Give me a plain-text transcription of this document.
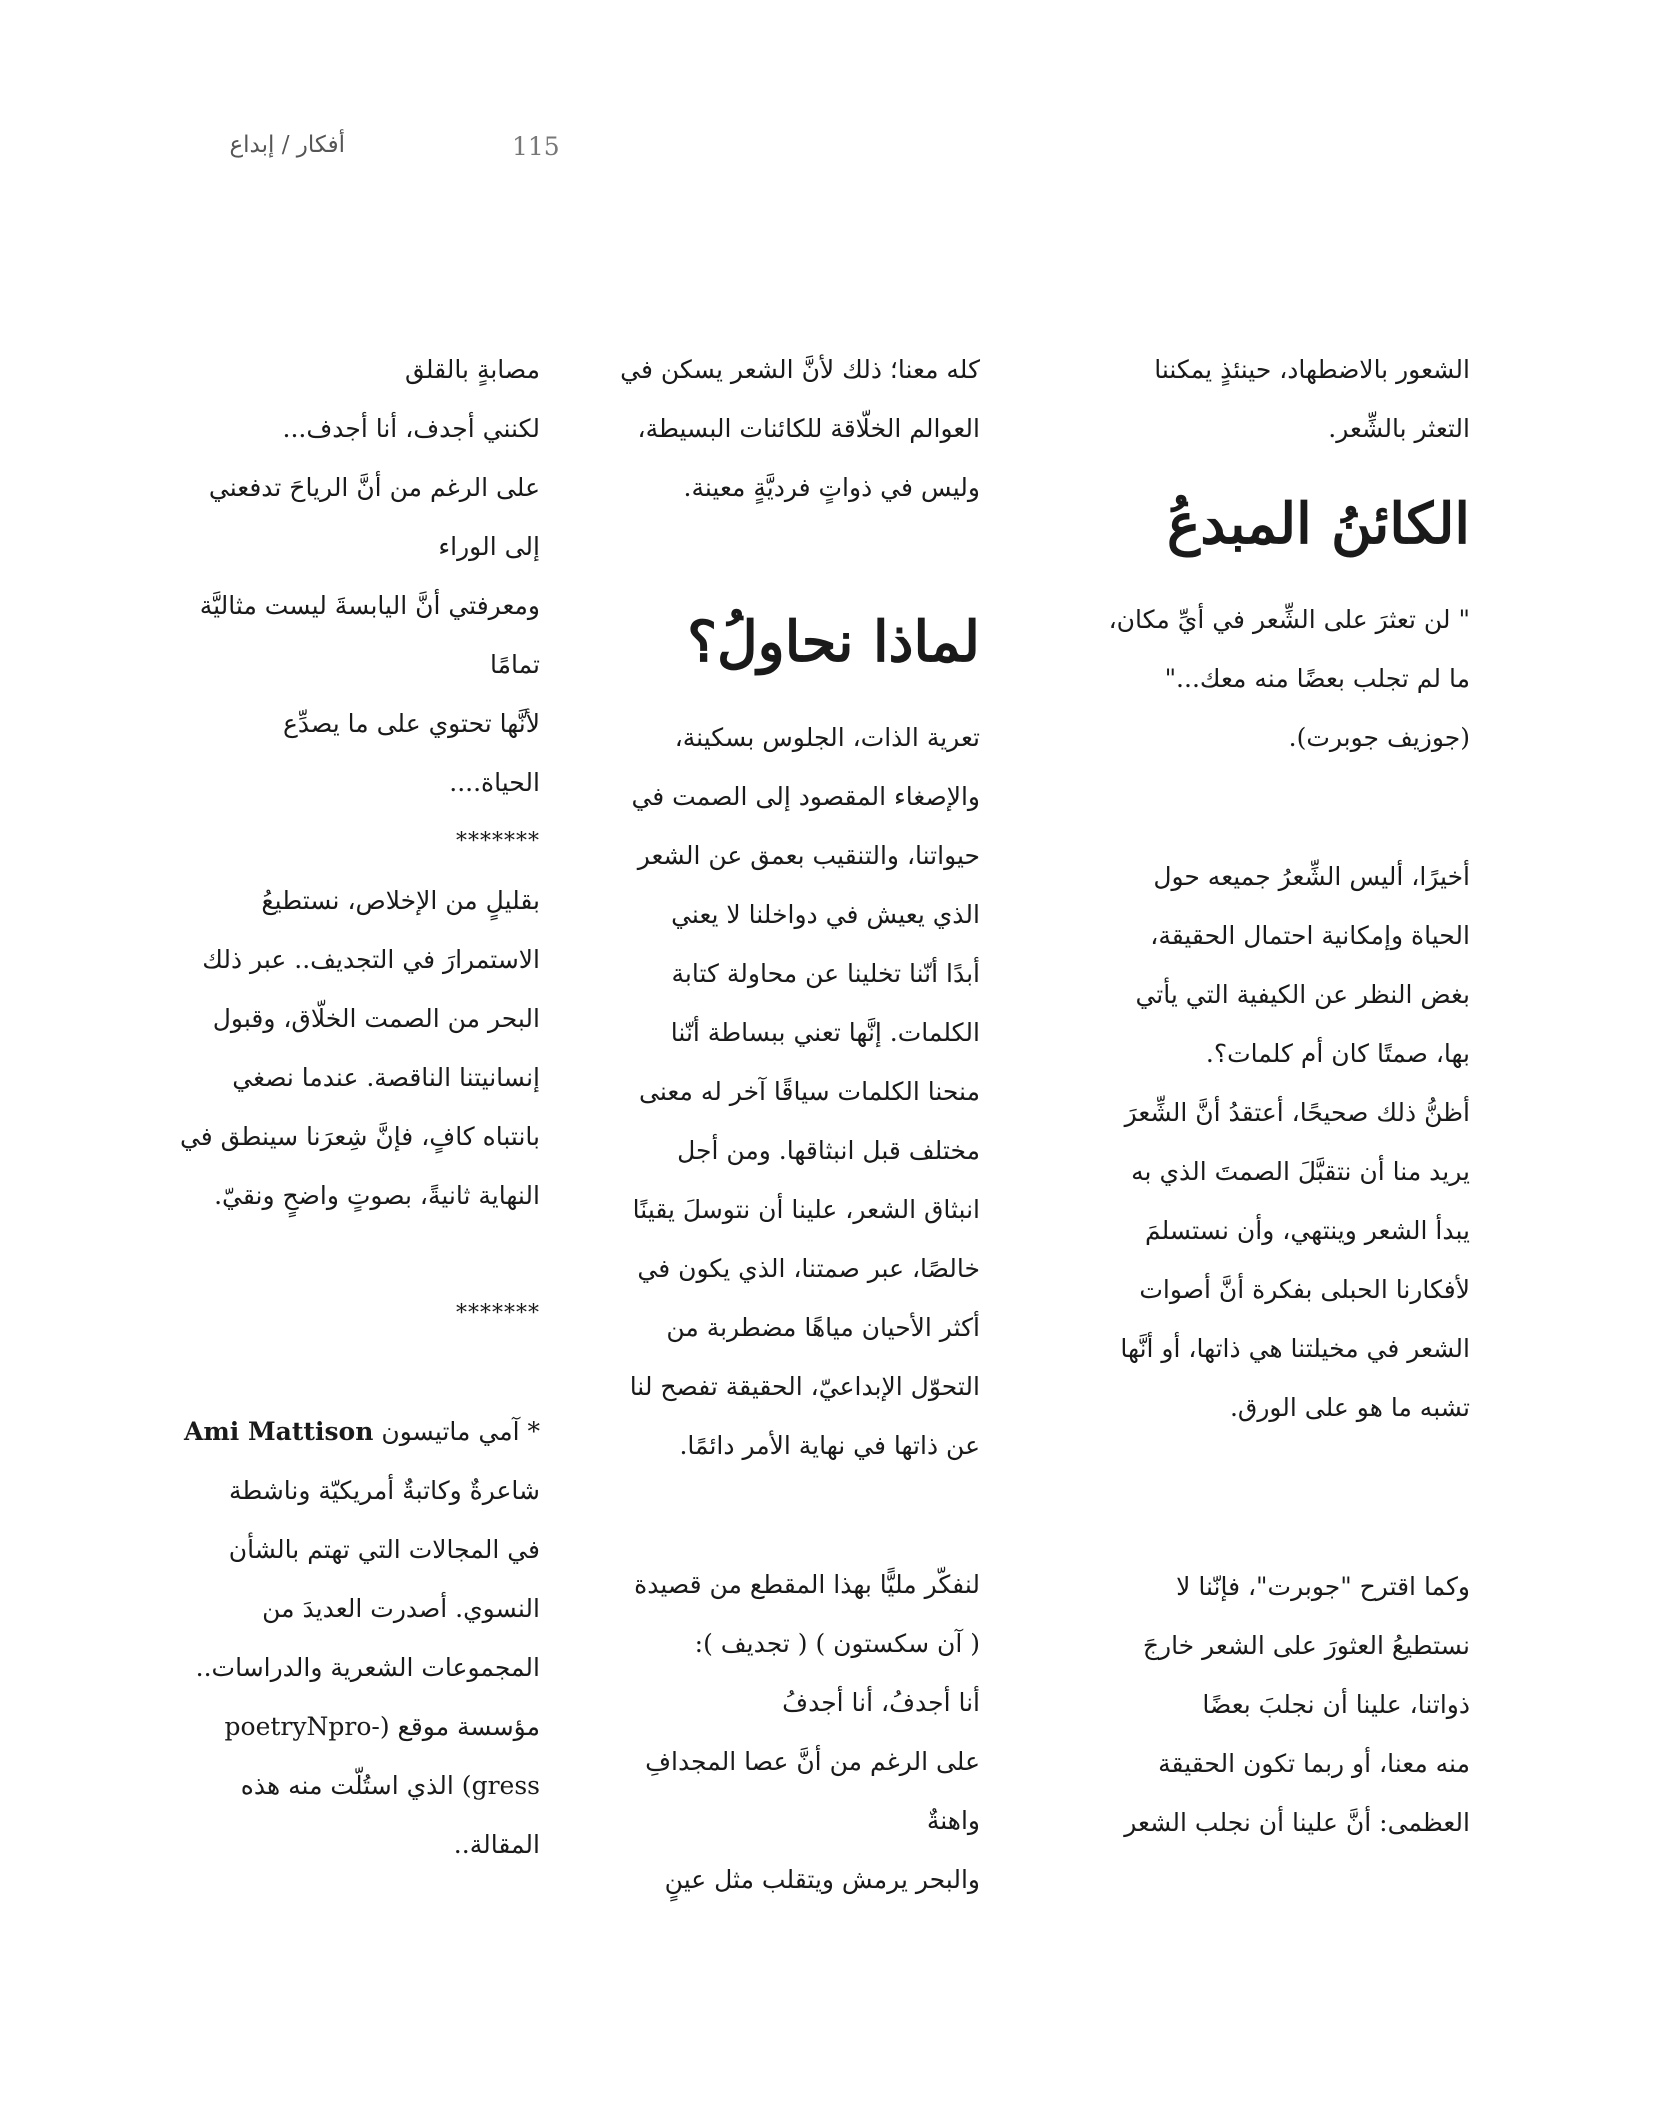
أفكار / إبداع	115
الشعور بالاضطهاد، حينئذٍ يمكننا
التعثر بالشِّعر.
الكائنُ المبدعُ
" لن تعثرَ على الشِّعر في أيِّ مكان،
ما لم تجلب بعضًا منه معك..."
(جوزيف جوبرت).
أخيرًا، أليس الشِّعرُ جميعه حول
الحياة وإمكانية احتمال الحقيقة،
بغض النظر عن الكيفية التي يأتي
بها، صمتًا كان أم كلمات؟.
أظنُّ ذلك صحيحًا، أعتقدُ أنَّ الشِّعرَ
يريد منا أن نتقبَّلَ الصمتَ الذي به
يبدأ الشعر وينتهي، وأن نستسلمَ
لأفكارنا الحبلى بفكرة أنَّ أصوات
الشعر في مخيلتنا هي ذاتها، أو أنَّها
تشبه ما هو على الورق.
وكما اقترح "جوبرت"، فإنّنا لا
نستطيعُ العثورَ على الشعر خارجَ
ذواتنا، علينا أن نجلبَ بعضًا
منه معنا، أو ربما تكون الحقيقة
العظمى: أنَّ علينا أن نجلب الشعر
كله معنا؛ ذلك لأنَّ الشعر يسكن في
العوالم الخلّاقة للكائنات البسيطة،
وليس في ذواتٍ فرديَّةٍ معينة.
لماذا نحاولُ؟
تعرية الذات، الجلوس بسكينة،
والإصغاء المقصود إلى الصمت في
حيواتنا، والتنقيب بعمق عن الشعر
الذي يعيش في دواخلنا لا يعني
أبدًا أنّنا تخلينا عن محاولة كتابة
الكلمات. إنَّها تعني ببساطة أنّنا
منحنا الكلمات سياقًا آخر له معنى
مختلف قبل انبثاقها. ومن أجل
انبثاق الشعر، علينا أن نتوسلَ يقينًا
خالصًا، عبر صمتنا، الذي يكون في
أكثر الأحيان مياهًا مضطربة من
التحوّل الإبداعيّ، الحقيقة تفصح لنا
عن ذاتها في نهاية الأمر دائمًا.
لنفكّر مليًّا بهذا المقطع من قصيدة
( آن سكستون ) ( تجديف ):
أنا أجدفُ، أنا أجدفُ
على الرغم من أنَّ عصا المجدافِ
واهنةٌ
والبحر يرمش ويتقلب مثل عينٍ
مصابةٍ بالقلق
لكنني أجدف، أنا أجدف...
على الرغم من أنَّ الرياحَ تدفعني
إلى الوراء
ومعرفتي أنَّ اليابسةَ ليست مثاليَّة
تمامًا
لأنَّها تحتوي على ما يصدِّع
الحياة....
*******
بقليلٍ من الإخلاص، نستطيعُ
الاستمرارَ في التجديف.. عبر ذلك
البحر من الصمت الخلّاق، وقبول
إنسانيتنا الناقصة. عندما نصغي
بانتباه كافٍ، فإنَّ شِعرَنا سينطق في
النهاية ثانيةً، بصوتٍ واضحٍ ونقيّ.
*******
* آمي ماتيسون Ami Mattison
شاعرةٌ وكاتبةٌ أمريكيّة وناشطة
في المجالات التي تهتم بالشأن
النسوي. أصدرت العديدَ من
المجموعات الشعرية والدراسات..
مؤسسة موقع (-poetryNpro
gress) الذي استُلّت منه هذه
المقالة..
